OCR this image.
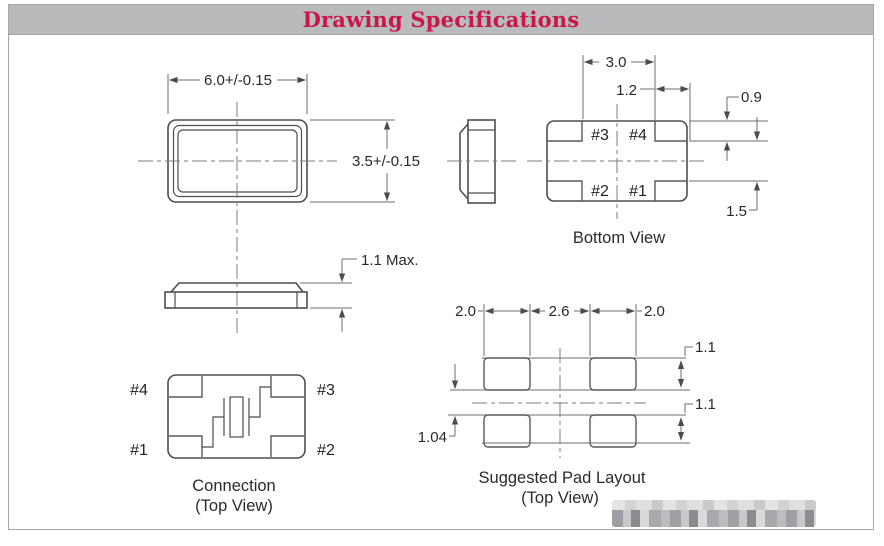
Drawing Specifications
6.0+/-0.15
3.5+/-0.15
1.1 Max.
#3 #4
#2 #1
3.0
1.2	0.9
1.5
Bottom View
#4	#3
#1	#2
Connection
(Top View)
2.0	2.6	2.0
1.1
1.1
1.04
Suggested Pad Layout
(Top View)
